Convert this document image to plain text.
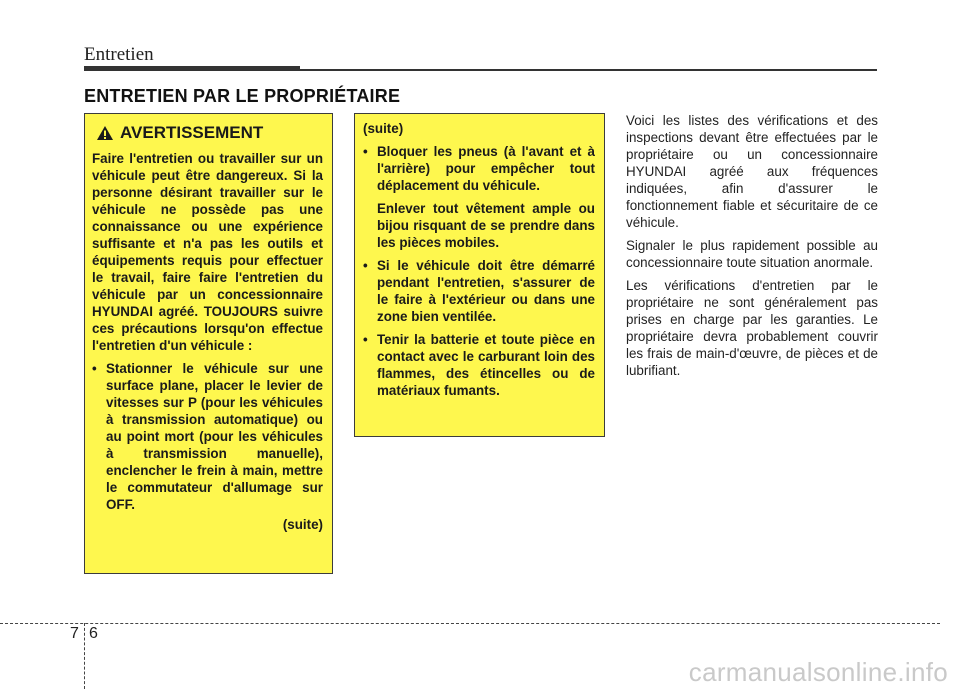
Entretien
ENTRETIEN PAR LE PROPRIÉTAIRE
AVERTISSEMENT

Faire l'entretien ou travailler sur un véhicule peut être dangereux. Si la personne désirant travailler sur le véhicule ne possède pas une connaissance ou une expérience suffisante et n'a pas les outils et équipements requis pour effectuer le travail, faire faire l'entretien du véhicule par un concessionnaire HYUNDAI agréé. TOUJOURS suivre ces précautions lorsqu'on effectue l'entretien d'un véhicule :

• Stationner le véhicule sur une surface plane, placer le levier de vitesses sur P (pour les véhicules à transmission automatique) ou au point mort (pour les véhicules à transmission manuelle), enclencher le frein à main, mettre le commutateur d'allumage sur OFF.

(suite)

(suite)

• Bloquer les pneus (à l'avant et à l'arrière) pour empêcher tout déplacement du véhicule.

Enlever tout vêtement ample ou bijou risquant de se prendre dans les pièces mobiles.

• Si le véhicule doit être démarré pendant l'entretien, s'assurer de le faire à l'extérieur ou dans une zone bien ventilée.

• Tenir la batterie et toute pièce en contact avec le carburant loin des flammes, des étincelles ou de matériaux fumants.

Voici les listes des vérifications et des inspections devant être effectuées par le propriétaire ou un concessionnaire HYUNDAI agréé aux fréquences indiquées, afin d'assurer le fonctionnement fiable et sécuritaire de ce véhicule.

Signaler le plus rapidement possible au concessionnaire toute situation anormale.

Les vérifications d'entretien par le propriétaire ne sont généralement pas prises en charge par les garanties. Le propriétaire devra probablement couvrir les frais de main-d'œuvre, de pièces et de lubrifiant.

7 6
carmanualsonline.info
